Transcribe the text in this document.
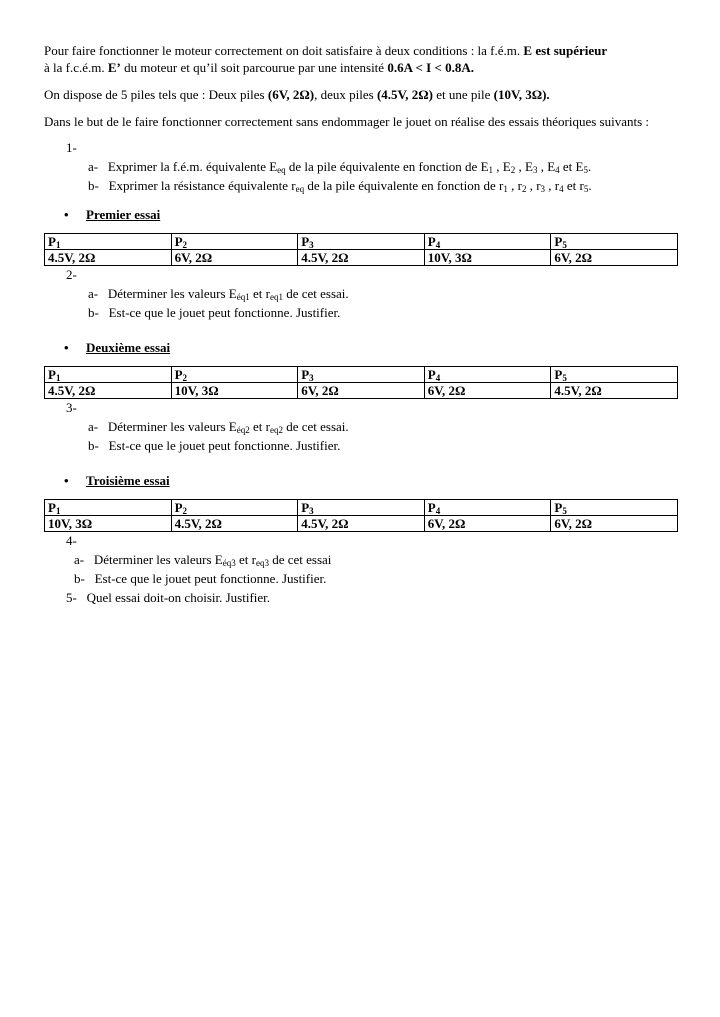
Pour faire fonctionner le moteur correctement on doit satisfaire à deux conditions : la f.é.m. E est supérieur
à la f.c.é.m. E’ du moteur et qu’il soit parcourue par une intensité 0.6A < I < 0.8A.

On dispose de 5 piles tels que : Deux piles (6V, 2Ω), deux piles (4.5V, 2Ω) et une pile (10V, 3Ω).

Dans le but de le faire fonctionner correctement sans endommager le jouet on réalise des essais théoriques suivants :

1-
a- Exprimer la f.é.m. équivalente $E_{eq}$ de la pile équivalente en fonction de $E_1$ , $E_2$ , $E_3$ , $E_4$ et $E_5$.
b- Exprimer la résistance équivalente $r_{eq}$ de la pile équivalente en fonction de $r_1$ , $r_2$ , $r_3$ , $r_4$ et $r_5$.
• Premier essai
$P_1$	$P_2$	$P_3$	$P_4$	$P_5$
4.5V, 2Ω	6V, 2Ω	4.5V, 2Ω	10V, 3Ω	6V, 2Ω
2-
a- Déterminer les valeurs $E_{éq1}$ et $r_{eq1}$ de cet essai.
b- Est-ce que le jouet peut fonctionne. Justifier.
• Deuxième essai
$P_1$	$P_2$	$P_3$	$P_4$	$P_5$
4.5V, 2Ω	10V, 3Ω	6V, 2Ω	6V, 2Ω	4.5V, 2Ω
3-
a- Déterminer les valeurs $E_{éq2}$ et $r_{eq2}$ de cet essai.
b- Est-ce que le jouet peut fonctionne. Justifier.
• Troisième essai
$P_1$	$P_2$	$P_3$	$P_4$	$P_5$
10V, 3Ω	4.5V, 2Ω	4.5V, 2Ω	6V, 2Ω	6V, 2Ω
4-
a- Déterminer les valeurs $E_{éq3}$ et $r_{eq3}$ de cet essai
b- Est-ce que le jouet peut fonctionne. Justifier.
5- Quel essai doit-on choisir. Justifier.
